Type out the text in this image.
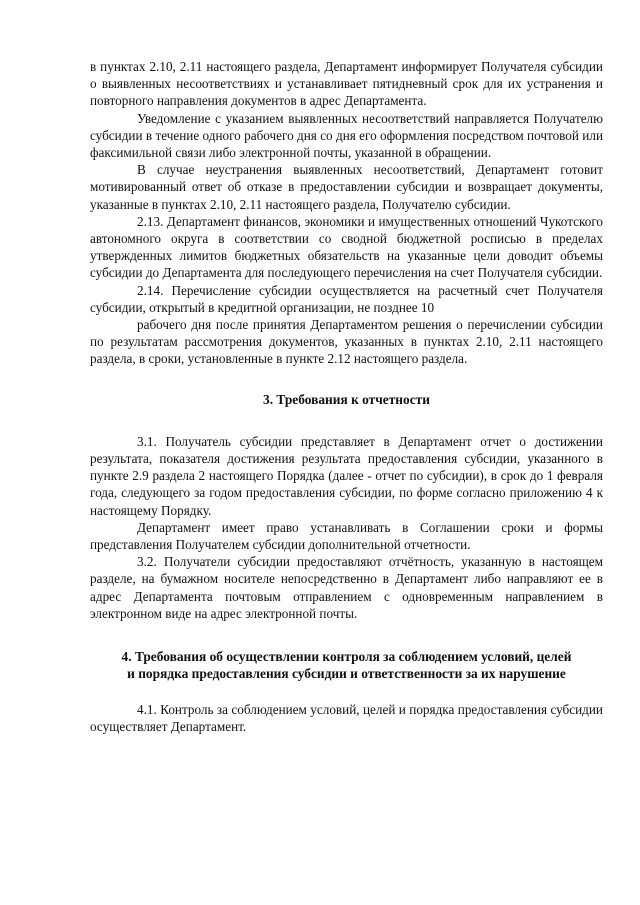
в пунктах 2.10, 2.11 настоящего раздела, Департамент информирует Получателя субсидии о выявленных несоответствиях и устанавливает пятидневный срок для их устранения и повторного направления документов в адрес Департамента.

Уведомление с указанием выявленных несоответствий направляется Получателю субсидии в течение одного рабочего дня со дня его оформления посредством почтовой или факсимильной связи либо электронной почты, указанной в обращении.

В случае неустранения выявленных несоответствий, Департамент готовит мотивированный ответ об отказе в предоставлении субсидии и возвращает документы, указанные в пунктах 2.10, 2.11 настоящего раздела, Получателю субсидии.

2.13. Департамент финансов, экономики и имущественных отношений Чукотского автономного округа в соответствии со сводной бюджетной росписью в пределах утвержденных лимитов бюджетных обязательств на указанные цели доводит объемы субсидии до Департамента для последующего перечисления на счет Получателя субсидии.

2.14. Перечисление субсидии осуществляется на расчетный счет Получателя субсидии, открытый в кредитной организации, не позднее 10

рабочего дня после принятия Департаментом решения о перечислении субсидии по результатам рассмотрения документов, указанных в пунктах 2.10, 2.11 настоящего раздела, в сроки, установленные в пункте 2.12 настоящего раздела.

3. Требования к отчетности

3.1. Получатель субсидии представляет в Департамент отчет о достижении результата, показателя достижения результата предоставления субсидии, указанного в пункте 2.9 раздела 2 настоящего Порядка (далее - отчет по субсидии), в срок до 1 февраля года, следующего за годом предоставления субсидии, по форме согласно приложению 4 к настоящему Порядку.

Департамент имеет право устанавливать в Соглашении сроки и формы представления Получателем субсидии дополнительной отчетности.

3.2. Получатели субсидии предоставляют отчётность, указанную в настоящем разделе, на бумажном носителе непосредственно в Департамент либо направляют ее в адрес Департамента почтовым отправлением с одновременным направлением в электронном виде на адрес электронной почты.

4. Требования об осуществлении контроля за соблюдением условий, целей
и порядка предоставления субсидии и ответственности за их нарушение

4.1. Контроль за соблюдением условий, целей и порядка предоставления субсидии осуществляет Департамент.
